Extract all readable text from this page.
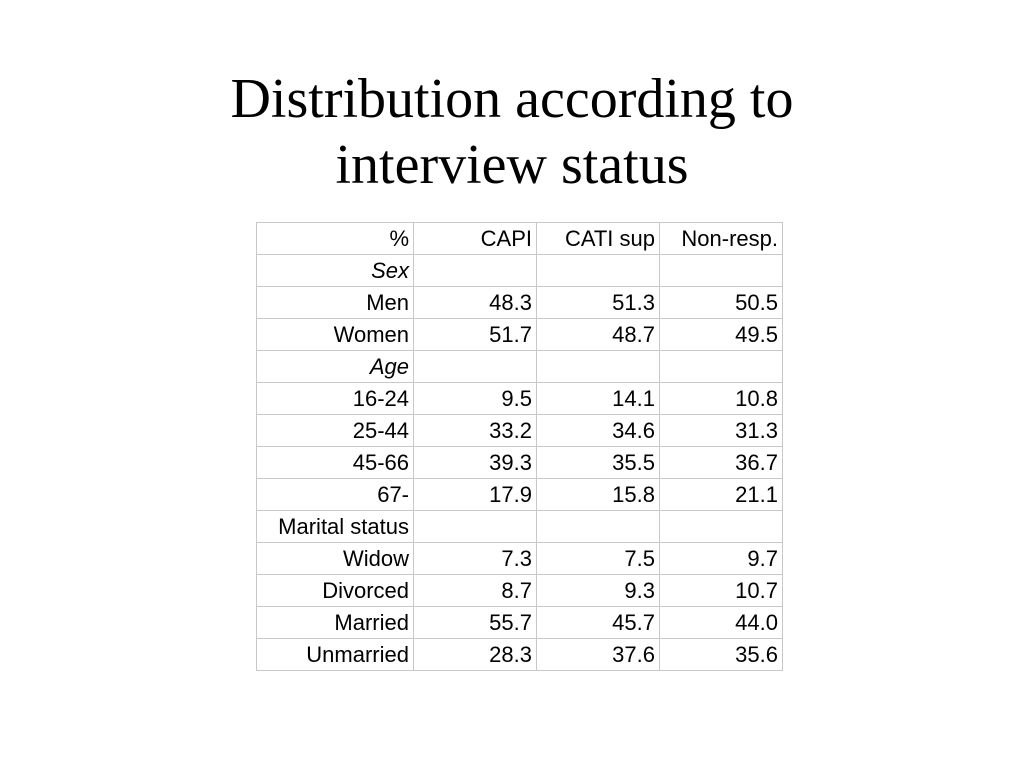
Distribution according to
interview status
%	CAPI	CATI sup	Non-resp.
Sex			
Men	48.3	51.3	50.5
Women	51.7	48.7	49.5
Age			
16-24	9.5	14.1	10.8
25-44	33.2	34.6	31.3
45-66	39.3	35.5	36.7
67-	17.9	15.8	21.1
Marital status			
Widow	7.3	7.5	9.7
Divorced	8.7	9.3	10.7
Married	55.7	45.7	44.0
Unmarried	28.3	37.6	35.6
